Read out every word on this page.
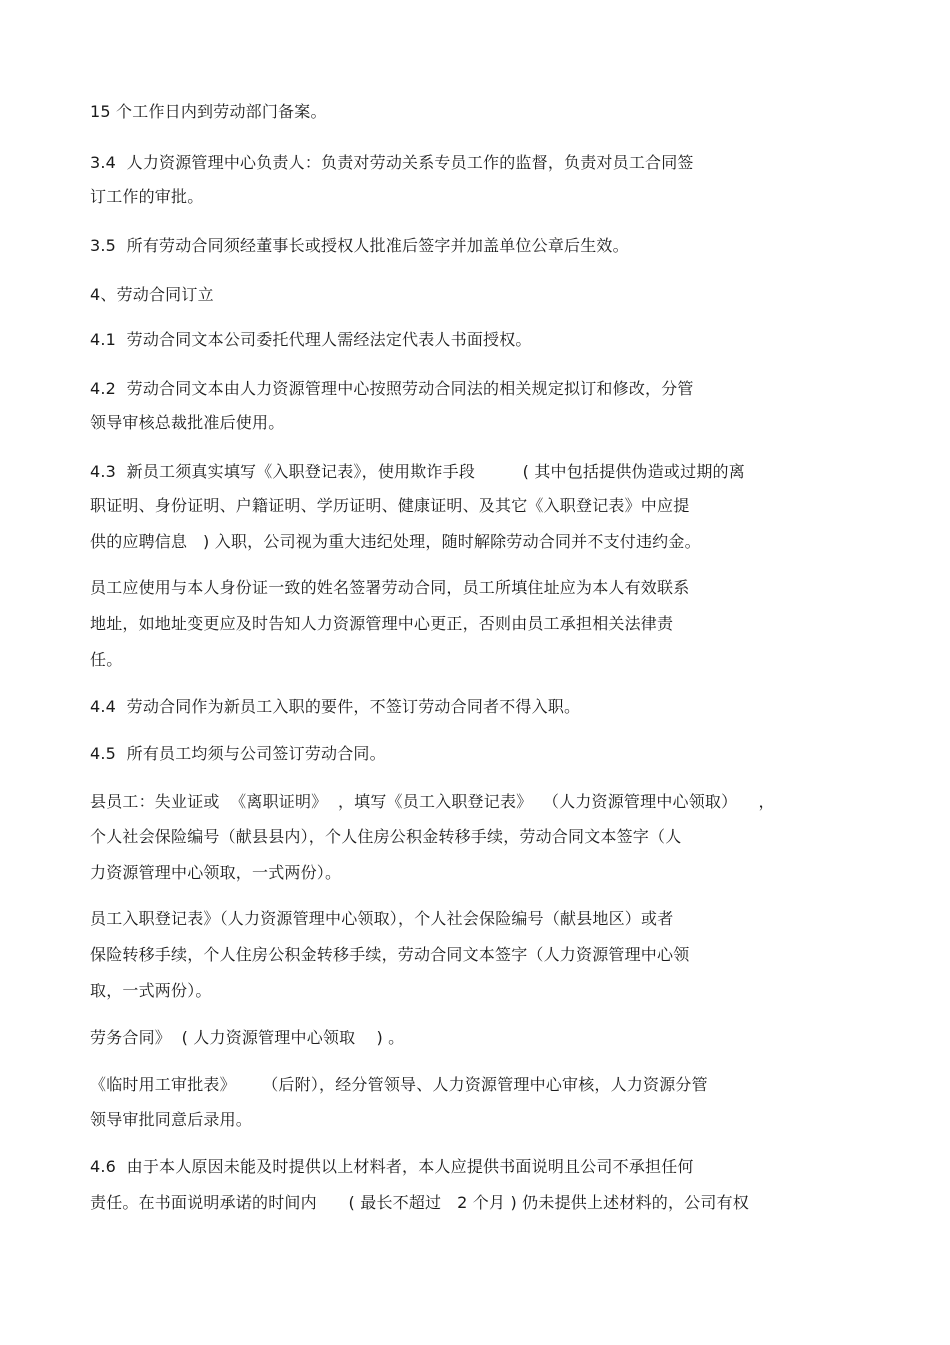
15 个工作日内到劳动部门备案。
3.4  人力资源管理中心负责人：负责对劳动关系专员工作的监督，负责对员工合同签
订工作的审批。
3.5  所有劳动合同须经董事长或授权人批准后签字并加盖单位公章后生效。
4、劳动合同订立
4.1  劳动合同文本公司委托代理人需经法定代表人书面授权。
4.2  劳动合同文本由人力资源管理中心按照劳动合同法的相关规定拟订和修改，分管
领导审核总裁批准后使用。
4.3  新员工须真实填写《入职登记表》，使用欺诈手段         ( 其中包括提供伪造或过期的离
职证明、身份证明、户籍证明、学历证明、健康证明、及其它《入职登记表》中应提
供的应聘信息   ) 入职，公司视为重大违纪处理，随时解除劳动合同并不支付违约金。
员工应使用与本人身份证一致的姓名签署劳动合同，员工所填住址应为本人有效联系
地址，如地址变更应及时告知人力资源管理中心更正，否则由员工承担相关法律责
任。
4.4  劳动合同作为新员工入职的要件，不签订劳动合同者不得入职。
4.5  所有员工均须与公司签订劳动合同。
县员工：失业证或  《离职证明》  ，填写《员工入职登记表》  （人力资源管理中心领取）    ，
个人社会保险编号（献县县内），个人住房公积金转移手续，劳动合同文本签字（人
力资源管理中心领取，一式两份）。
员工入职登记表》（人力资源管理中心领取），个人社会保险编号（献县地区）或者
保险转移手续，个人住房公积金转移手续，劳动合同文本签字（人力资源管理中心领
取，一式两份）。
劳务合同》  ( 人力资源管理中心领取    ) 。
《临时用工审批表》     （后附），经分管领导、人力资源管理中心审核，人力资源分管
领导审批同意后录用。
4.6  由于本人原因未能及时提供以上材料者，本人应提供书面说明且公司不承担任何
责任。在书面说明承诺的时间内      ( 最长不超过   2 个月 ) 仍未提供上述材料的，公司有权
